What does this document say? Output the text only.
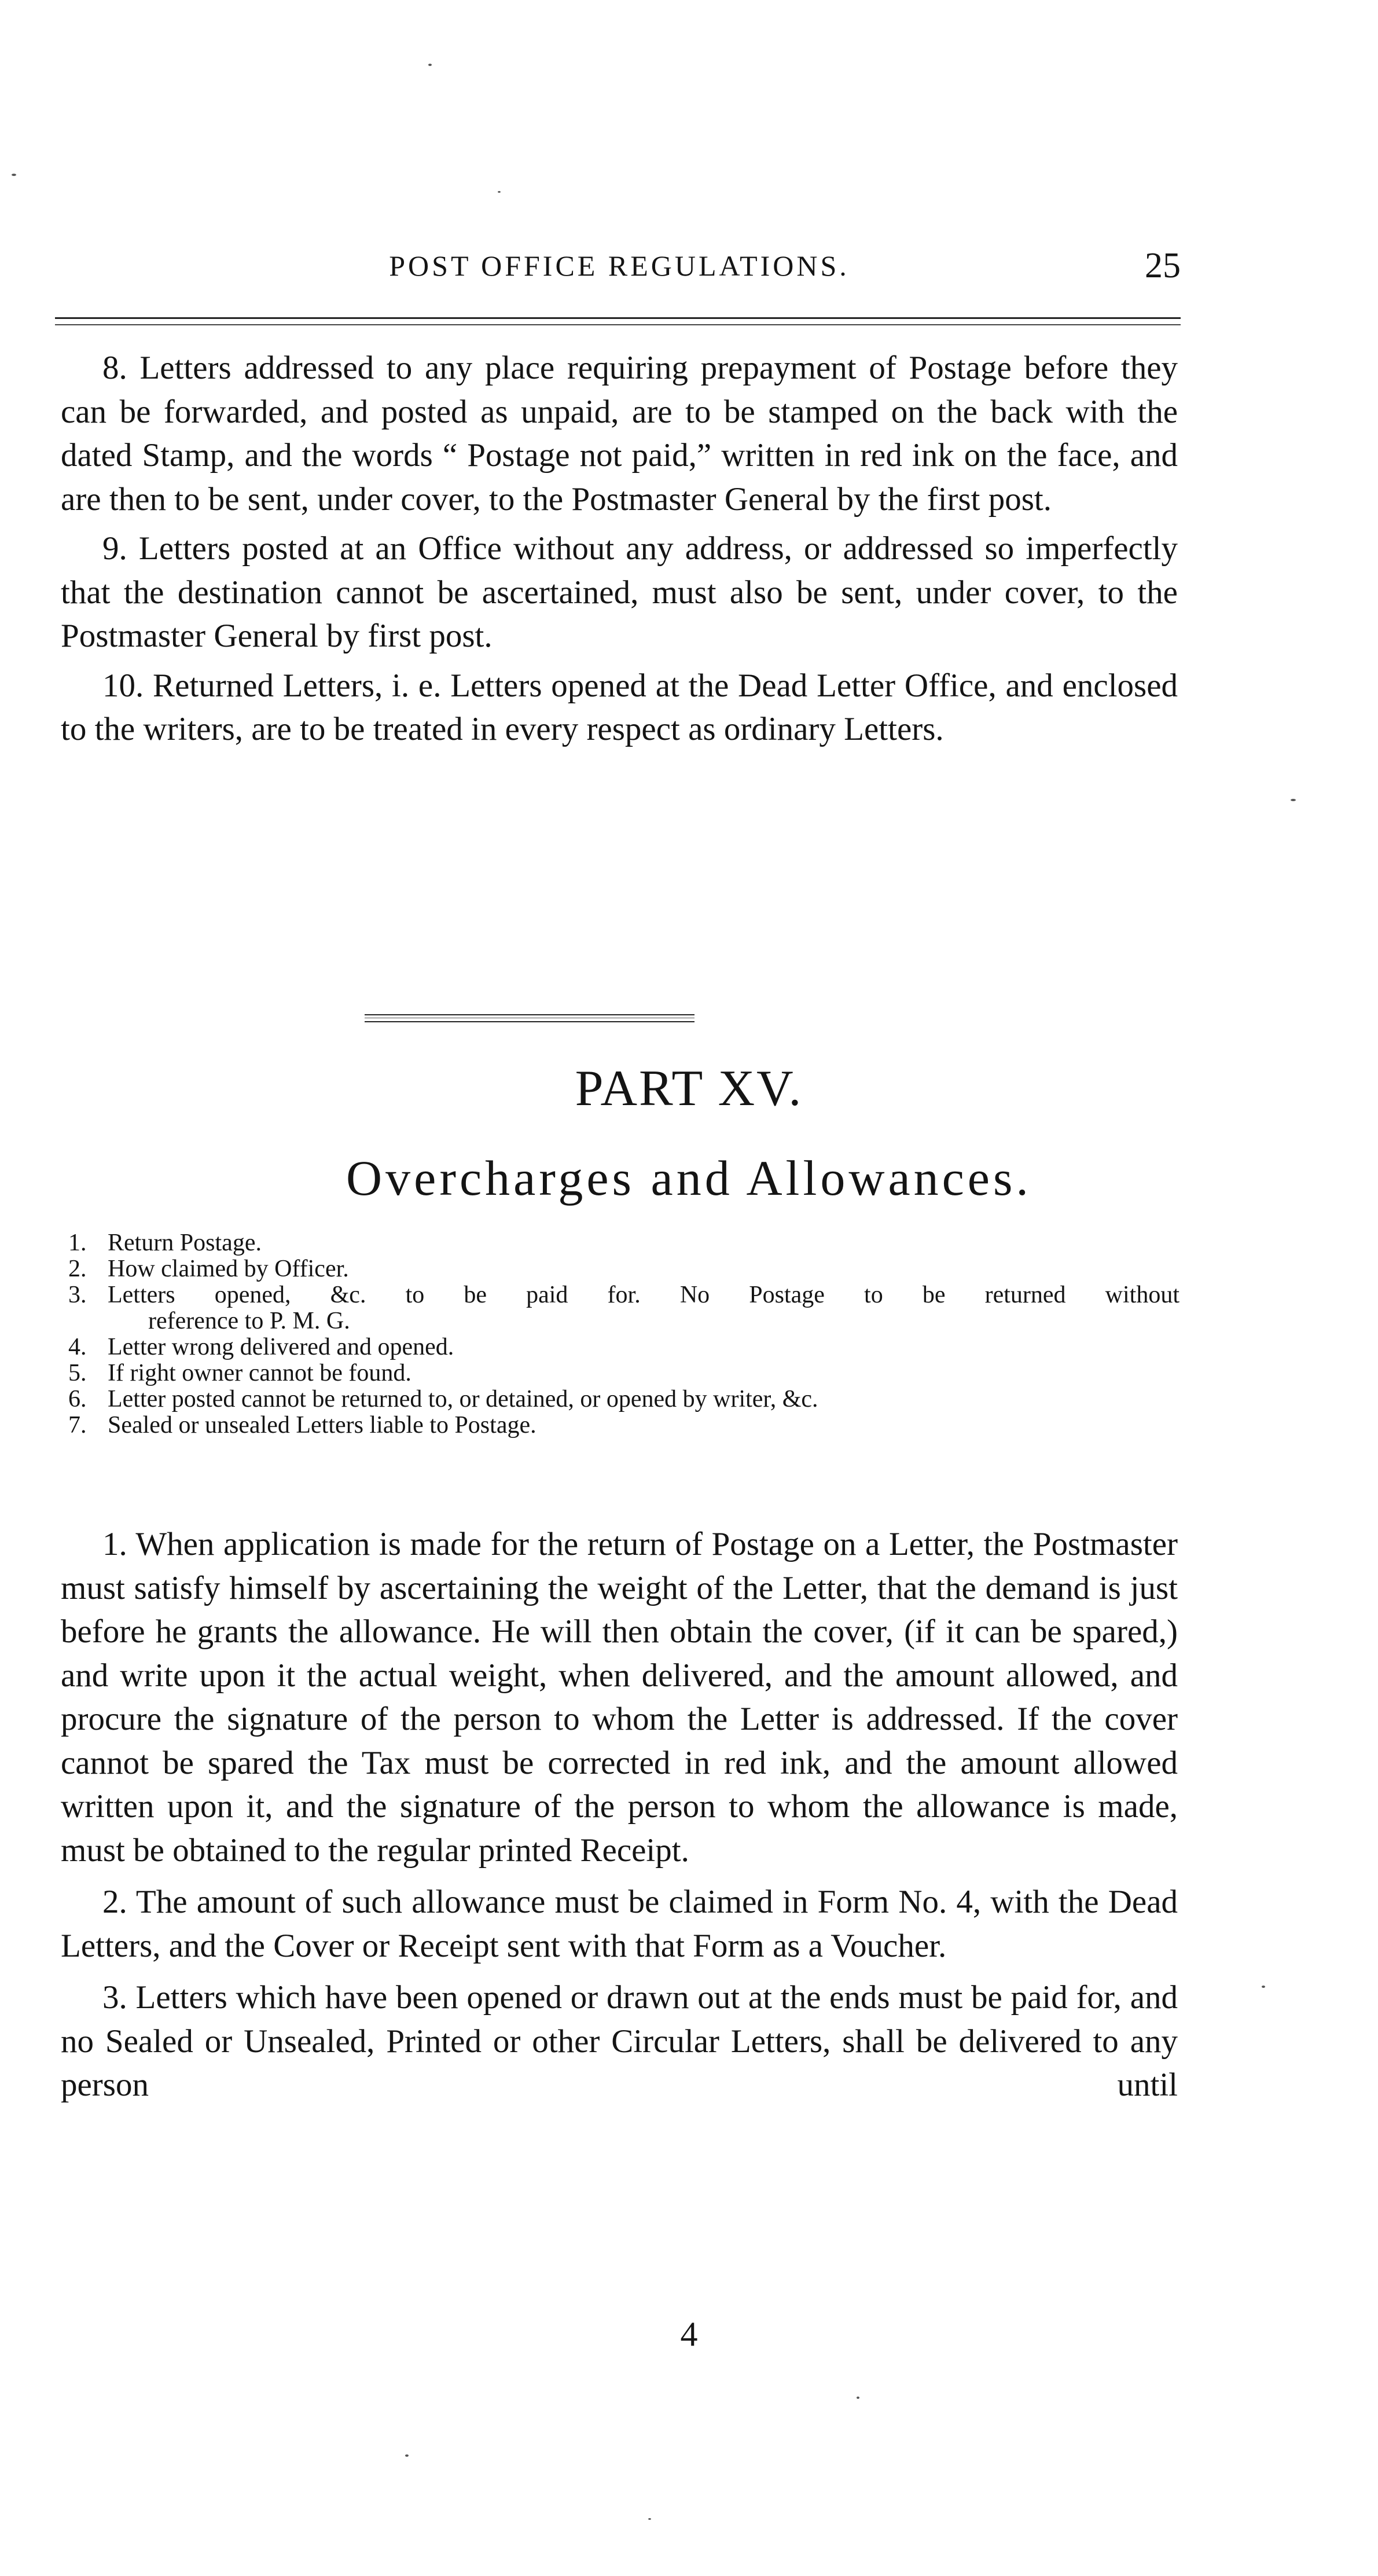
POST OFFICE REGULATIONS.	25

8. Letters addressed to any place requiring prepayment of Postage before they can be forwarded, and posted as unpaid, are to be stamped on the back with the dated Stamp, and the words “ Postage not paid,” written in red ink on the face, and are then to be sent, under cover, to the Postmaster General by the first post.

9. Letters posted at an Office without any address, or addressed so imperfectly that the destination cannot be ascertained, must also be sent, under cover, to the Postmaster General by first post.

10. Returned Letters, i. e. Letters opened at the Dead Letter Office, and enclosed to the writers, are to be treated in every respect as ordinary Letters.

PART XV.
Overcharges and Allowances.
1. Return Postage.
2. How claimed by Officer.
3. Letters opened, &c. to be paid for. No Postage to be returned without
reference to P. M. G.
4. Letter wrong delivered and opened.
5. If right owner cannot be found.
6. Letter posted cannot be returned to, or detained, or opened by writer, &c.
7. Sealed or unsealed Letters liable to Postage.

1. When application is made for the return of Postage on a Letter, the Postmaster must satisfy himself by ascertaining the weight of the Letter, that the demand is just before he grants the allowance. He will then obtain the cover, (if it can be spared,) and write upon it the actual weight, when delivered, and the amount allowed, and procure the signature of the person to whom the Letter is addressed. If the cover cannot be spared the Tax must be corrected in red ink, and the amount allowed written upon it, and the signature of the person to whom the allowance is made, must be obtained to the regular printed Receipt.

2. The amount of such allowance must be claimed in Form No. 4, with the Dead Letters, and the Cover or Receipt sent with that Form as a Voucher.

3. Letters which have been opened or drawn out at the ends must be paid for, and no Sealed or Unsealed, Printed or other Circular Letters, shall be delivered to any person until

4
